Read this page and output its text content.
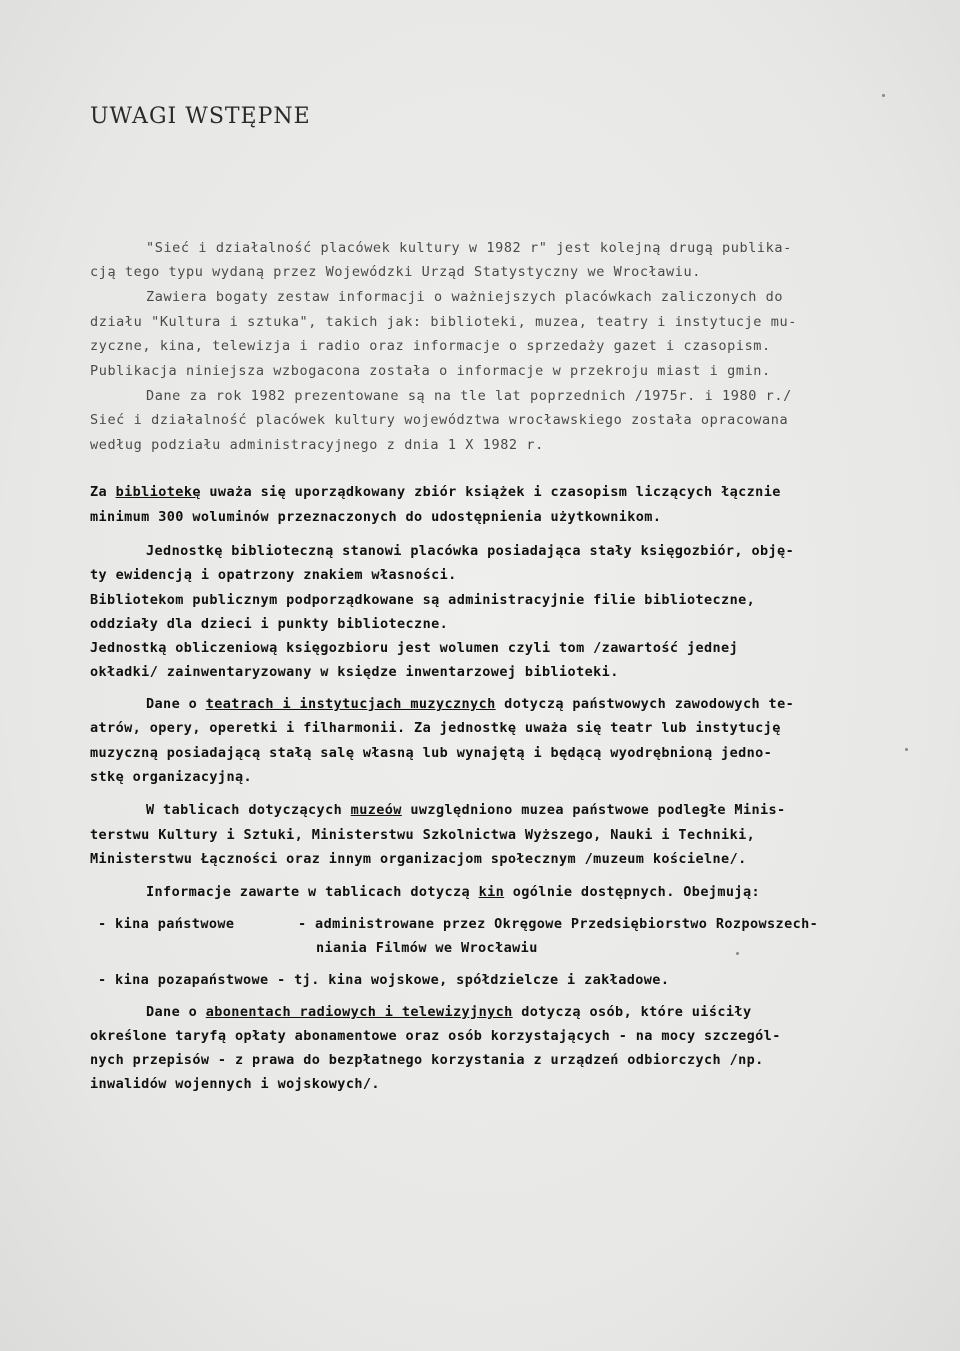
UWAGI WSTĘPNE
"Sieć i działalność placówek kultury w 1982 r" jest kolejną drugą publika-
cją tego typu wydaną przez Wojewódzki Urząd Statystyczny we Wrocławiu.
Zawiera bogaty zestaw informacji o ważniejszych placówkach zaliczonych do
działu "Kultura i sztuka", takich jak: biblioteki, muzea, teatry i instytucje mu-
zyczne, kina, telewizja i radio oraz informacje o sprzedaży gazet i czasopism.
Publikacja niniejsza wzbogacona została o informacje w przekroju miast i gmin.
Dane za rok 1982 prezentowane są na tle lat poprzednich /1975r. i 1980 r./
Sieć i działalność placówek kultury województwa wrocławskiego została opracowana
według podziału administracyjnego z dnia 1 X 1982 r.
Za bibliotekę uważa się uporządkowany zbiór książek i czasopism liczących łącznie
minimum 300 woluminów przeznaczonych do udostępnienia użytkownikom.
Jednostkę biblioteczną stanowi placówka posiadająca stały księgozbiór, obję-
ty ewidencją i opatrzony znakiem własności.
Bibliotekom publicznym podporządkowane są administracyjnie filie biblioteczne,
oddziały dla dzieci i punkty biblioteczne.
Jednostką obliczeniową księgozbioru jest wolumen czyli tom /zawartość jednej
okładki/ zainwentaryzowany w księdze inwentarzowej biblioteki.
Dane o teatrach i instytucjach muzycznych dotyczą państwowych zawodowych te-
atrów, opery, operetki i filharmonii. Za jednostkę uważa się teatr lub instytucję
muzyczną posiadającą stałą salę własną lub wynajętą i będącą wyodrębnioną jedno-
stkę organizacyjną.
W tablicach dotyczących muzeów uwzględniono muzea państwowe podległe Minis-
terstwu Kultury i Sztuki, Ministerstwu Szkolnictwa Wyższego, Nauki i Techniki,
Ministerstwu Łączności oraz innym organizacjom społecznym /muzeum kościelne/.
Informacje zawarte w tablicach dotyczą kin ogólnie dostępnych. Obejmują:
- kina państwowe	- administrowane przez Okręgowe Przedsiębiorstwo Rozpowszech-
niania Filmów we Wrocławiu
- kina pozapaństwowe - tj. kina wojskowe, spółdzielcze i zakładowe.
Dane o abonentach radiowych i telewizyjnych dotyczą osób, które uiściły
określone taryfą opłaty abonamentowe oraz osób korzystających - na mocy szczegól-
nych przepisów - z prawa do bezpłatnego korzystania z urządzeń odbiorczych /np.
inwalidów wojennych i wojskowych/.
